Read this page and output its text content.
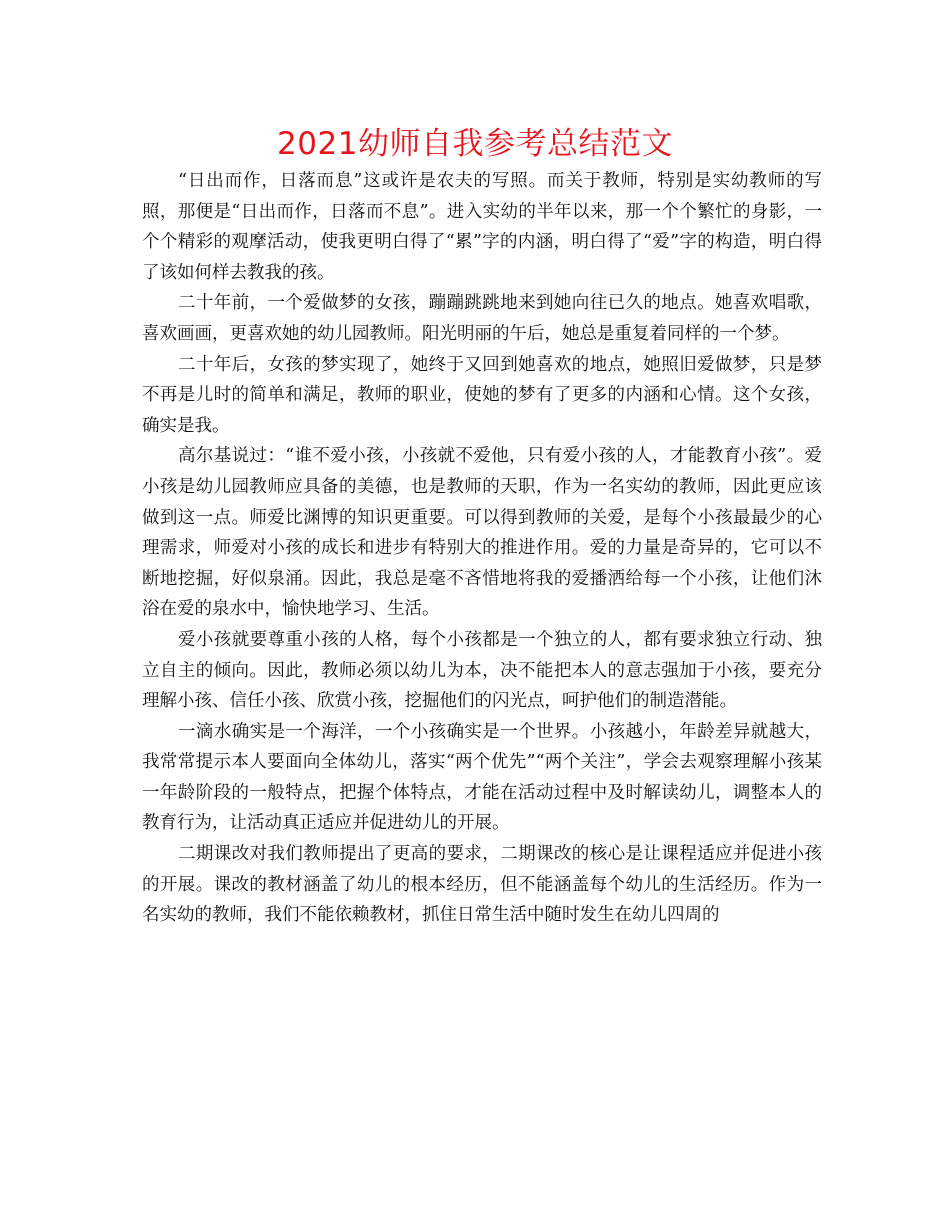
2021幼师自我参考总结范文

“日出而作，日落而息”这或许是农夫的写照。而关于教师，特别是实幼教师的写照，那便是“日出而作，日落而不息”。进入实幼的半年以来，那一个个繁忙的身影，一个个精彩的观摩活动，使我更明白得了“累”字的内涵，明白得了“爱”字的构造，明白得了该如何样去教我的孩。

二十年前，一个爱做梦的女孩，蹦蹦跳跳地来到她向往已久的地点。她喜欢唱歌，喜欢画画，更喜欢她的幼儿园教师。阳光明丽的午后，她总是重复着同样的一个梦。

二十年后，女孩的梦实现了，她终于又回到她喜欢的地点，她照旧爱做梦，只是梦不再是儿时的简单和满足，教师的职业，使她的梦有了更多的内涵和心情。这个女孩，确实是我。

高尔基说过：“谁不爱小孩，小孩就不爱他，只有爱小孩的人，才能教育小孩”。爱小孩是幼儿园教师应具备的美德，也是教师的天职，作为一名实幼的教师，因此更应该做到这一点。师爱比渊博的知识更重要。可以得到教师的关爱，是每个小孩最最少的心理需求，师爱对小孩的成长和进步有特别大的推进作用。爱的力量是奇异的，它可以不断地挖掘，好似泉涌。因此，我总是毫不吝惜地将我的爱播洒给每一个小孩，让他们沐浴在爱的泉水中，愉快地学习、生活。

爱小孩就要尊重小孩的人格，每个小孩都是一个独立的人，都有要求独立行动、独立自主的倾向。因此，教师必须以幼儿为本，决不能把本人的意志强加于小孩，要充分理解小孩、信任小孩、欣赏小孩，挖掘他们的闪光点，呵护他们的制造潜能。

一滴水确实是一个海洋，一个小孩确实是一个世界。小孩越小，年龄差异就越大，我常常提示本人要面向全体幼儿，落实“两个优先”“两个关注”，学会去观察理解小孩某一年龄阶段的一般特点，把握个体特点，才能在活动过程中及时解读幼儿，调整本人的教育行为，让活动真正适应并促进幼儿的开展。

二期课改对我们教师提出了更高的要求，二期课改的核心是让课程适应并促进小孩的开展。课改的教材涵盖了幼儿的根本经历，但不能涵盖每个幼儿的生活经历。作为一名实幼的教师，我们不能依赖教材，抓住日常生活中随时发生在幼儿四周的
